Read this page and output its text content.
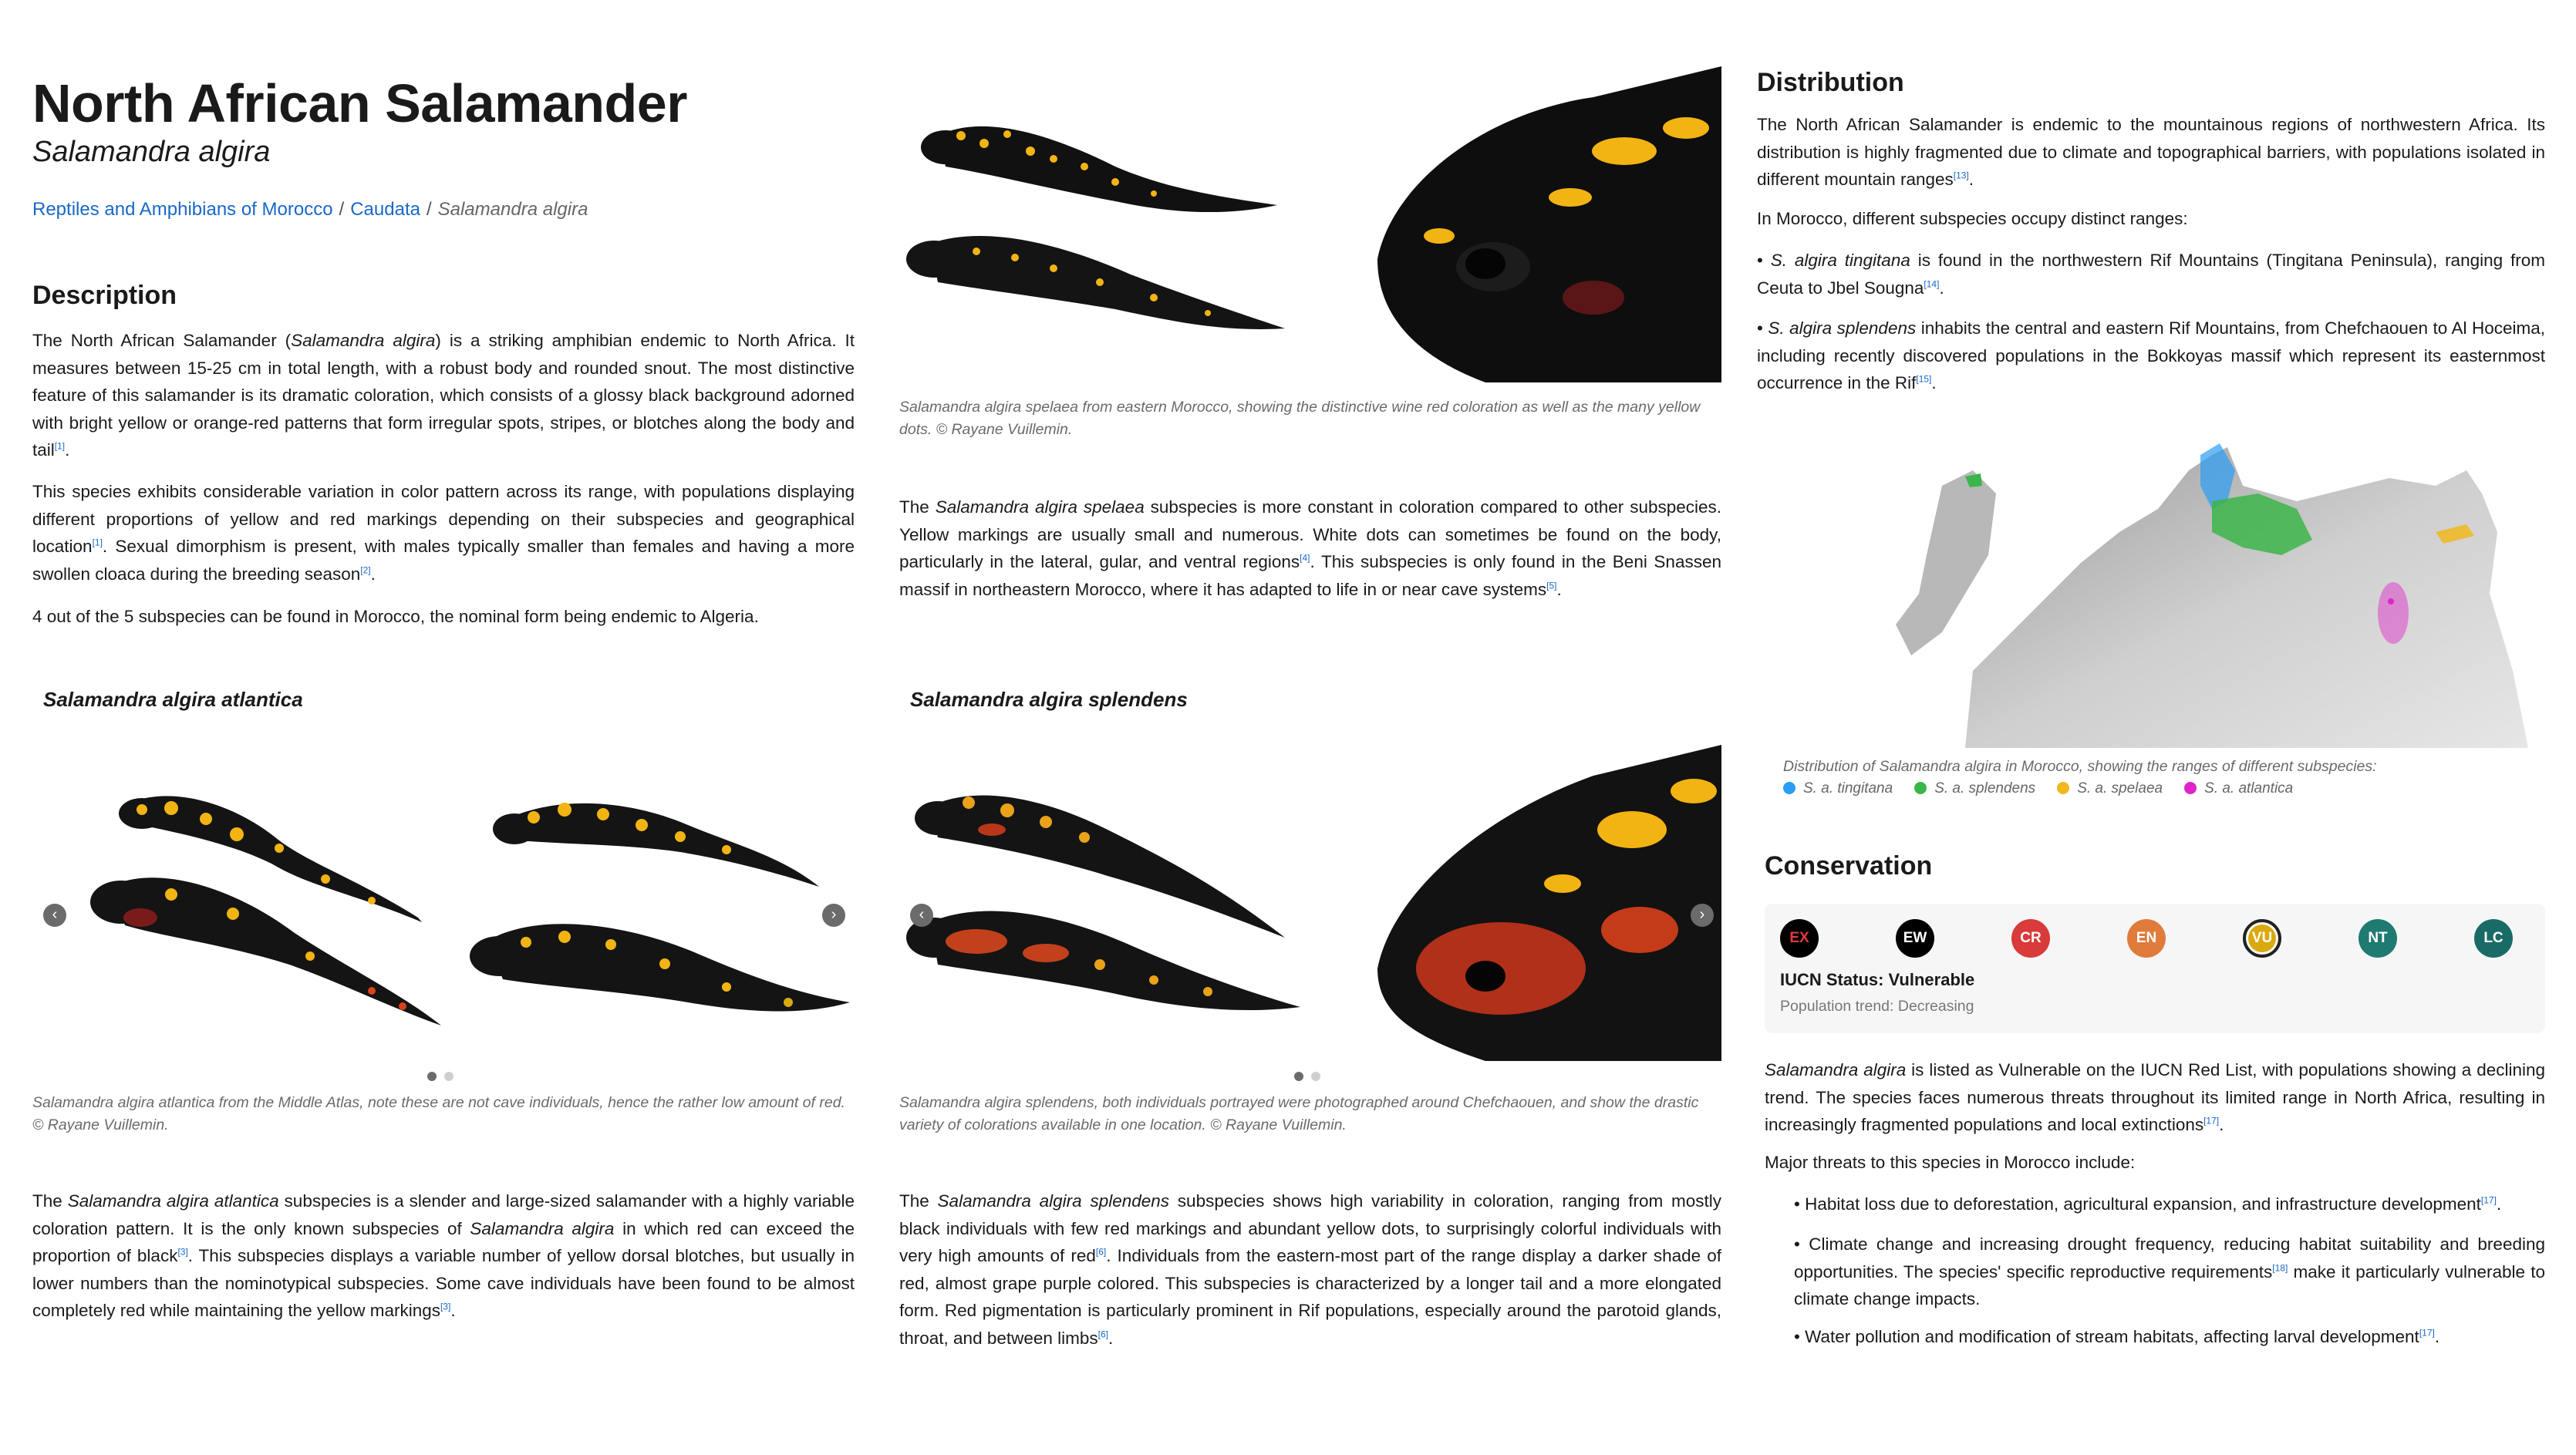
North African Salamander
Salamandra algira
Reptiles and Amphibians of Morocco / Caudata / Salamandra algira
Description

The North African Salamander (Salamandra algira) is a striking amphibian endemic to North Africa. It measures between 15-25 cm in total length, with a robust body and rounded snout. The most distinctive feature of this salamander is its dramatic coloration, which consists of a glossy black background adorned with bright yellow or orange-red patterns that form irregular spots, stripes, or blotches along the body and tail[1].

This species exhibits considerable variation in color pattern across its range, with populations displaying different proportions of yellow and red markings depending on their subspecies and geographical location[1]. Sexual dimorphism is present, with males typically smaller than females and having a more swollen cloaca during the breeding season[2].

4 out of the 5 subspecies can be found in Morocco, the nominal form being endemic to Algeria.

Salamandra algira atlantica
‹	›
Salamandra algira atlantica from the Middle Atlas, note these are not cave individuals, hence the rather low amount of red. © Rayane Vuillemin.

The Salamandra algira atlantica subspecies is a slender and large-sized salamander with a highly variable coloration pattern. It is the only known subspecies of Salamandra algira in which red can exceed the proportion of black[3]. This subspecies displays a variable number of yellow dorsal blotches, but usually in lower numbers than the nominotypical subspecies. Some cave individuals have been found to be almost completely red while maintaining the yellow markings[3].

Salamandra algira spelaea from eastern Morocco, showing the distinctive wine red coloration as well as the many yellow dots. © Rayane Vuillemin.

The Salamandra algira spelaea subspecies is more constant in coloration compared to other subspecies. Yellow markings are usually small and numerous. White dots can sometimes be found on the body, particularly in the lateral, gular, and ventral regions[4]. This subspecies is only found in the Beni Snassen massif in northeastern Morocco, where it has adapted to life in or near cave systems[5].

Salamandra algira splendens
‹	›
Salamandra algira splendens, both individuals portrayed were photographed around Chefchaouen, and show the drastic variety of colorations available in one location. © Rayane Vuillemin.

The Salamandra algira splendens subspecies shows high variability in coloration, ranging from mostly black individuals with few red markings and abundant yellow dots, to surprisingly colorful individuals with very high amounts of red[6]. Individuals from the eastern-most part of the range display a darker shade of red, almost grape purple colored. This subspecies is characterized by a longer tail and a more elongated form. Red pigmentation is particularly prominent in Rif populations, especially around the parotoid glands, throat, and between limbs[6].

Distribution

The North African Salamander is endemic to the mountainous regions of northwestern Africa. Its distribution is highly fragmented due to climate and topographical barriers, with populations isolated in different mountain ranges[13].

In Morocco, different subspecies occupy distinct ranges:

• S. algira tingitana is found in the northwestern Rif Mountains (Tingitana Peninsula), ranging from Ceuta to Jbel Sougna[14].

• S. algira splendens inhabits the central and eastern Rif Mountains, from Chefchaouen to Al Hoceima, including recently discovered populations in the Bokkoyas massif which represent its easternmost occurrence in the Rif[15].

Distribution of Salamandra algira in Morocco, showing the ranges of different subspecies:
S. a. tingitana	S. a. splendens	S. a. spelaea	S. a. atlantica
Conservation
EX	EW	CR	EN	VU	NT	LC
IUCN Status: Vulnerable
Population trend: Decreasing

Salamandra algira is listed as Vulnerable on the IUCN Red List, with populations showing a declining trend. The species faces numerous threats throughout its limited range in North Africa, resulting in increasingly fragmented populations and local extinctions[17].

Major threats to this species in Morocco include:

• Habitat loss due to deforestation, agricultural expansion, and infrastructure development[17].

• Climate change and increasing drought frequency, reducing habitat suitability and breeding opportunities. The species' specific reproductive requirements[18] make it particularly vulnerable to climate change impacts.

• Water pollution and modification of stream habitats, affecting larval development[17].
